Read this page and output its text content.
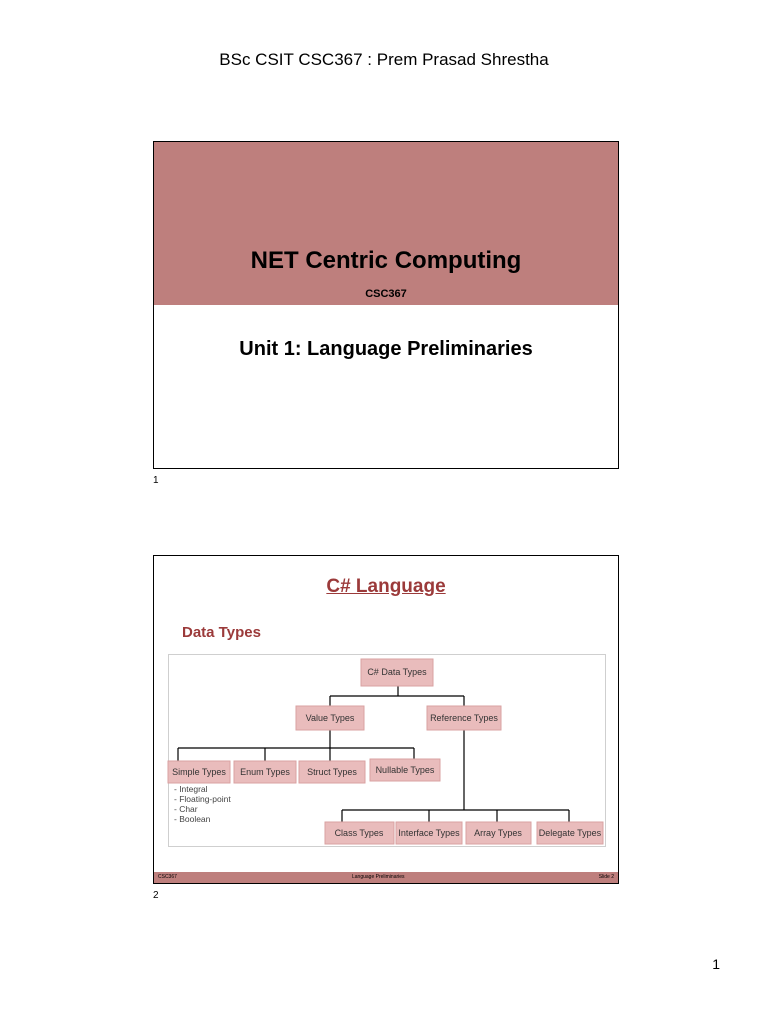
BSc CSIT CSC367 : Prem Prasad Shrestha
NET Centric Computing
CSC367
Unit 1: Language Preliminaries
1
C# Language
Data Types
C# Data Types
Value Types	Reference Types
Simple Types Enum Types Struct Types Nullable Types
- Integral
- Floating-point
- Char
- Boolean
Class Types Interface Types Array Types Delegate Types
CSC367	Language Preliminaries	Slide 2
2
1
